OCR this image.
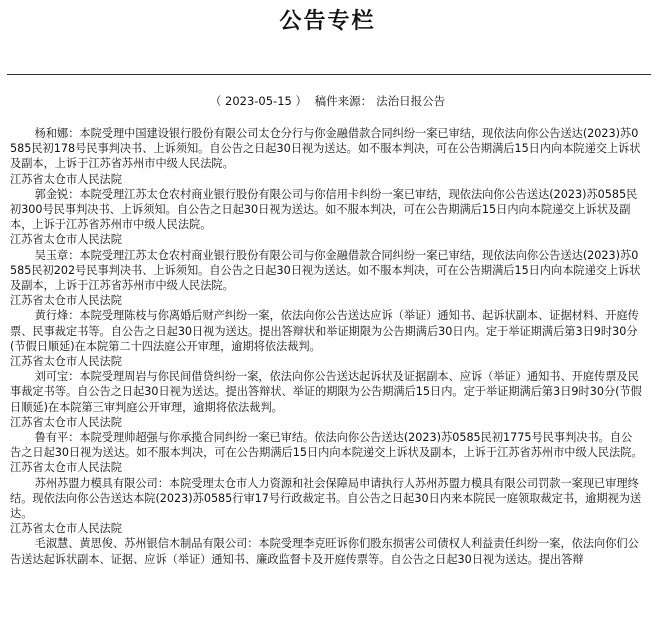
公告专栏
（ 2023-05-15 ） 稿件来源： 法治日报公告

杨和娜：本院受理中国建设银行股份有限公司太仓分行与你金融借款合同纠纷一案已审结，现依法向你公告送达(2023)苏0585民初178号民事判决书、上诉须知。自公告之日起30日视为送达。如不服本判决，可在公告期满后15日内向本院递交上诉状及副本，上诉于江苏省苏州市中级人民法院。

江苏省太仓市人民法院

郭金锐：本院受理江苏太仓农村商业银行股份有限公司与你信用卡纠纷一案已审结，现依法向你公告送达(2023)苏0585民初300号民事判决书、上诉须知。自公告之日起30日视为送达。如不服本判决，可在公告期满后15日内向本院递交上诉状及副本，上诉于江苏省苏州市中级人民法院。

江苏省太仓市人民法院

吴玉章：本院受理江苏太仓农村商业银行股份有限公司与你金融借款合同纠纷一案已审结，现依法向你公告送达(2023)苏0585民初202号民事判决书、上诉须知。自公告之日起30日视为送达。如不服本判决，可在公告期满后15日内向本院递交上诉状及副本，上诉于江苏省苏州市中级人民法院。

江苏省太仓市人民法院

黄行烽：本院受理陈枝与你离婚后财产纠纷一案，依法向你公告送达应诉（举证）通知书、起诉状副本、证据材料、开庭传票、民事裁定书等。自公告之日起30日视为送达。提出答辩状和举证期限为公告期满后30日内。定于举证期满后第3日9时30分(节假日顺延)在本院第二十四法庭公开审理，逾期将依法裁判。

江苏省太仓市人民法院

刘可宝：本院受理周岩与你民间借贷纠纷一案，依法向你公告送达起诉状及证据副本、应诉（举证）通知书、开庭传票及民事裁定书等。自公告之日起30日视为送达。提出答辩状、举证的期限为公告期满后15日内。定于举证期满后第3日9时30分(节假日顺延)在本院第三审判庭公开审理，逾期将依法裁判。

江苏省太仓市人民法院

鲁有平：本院受理帅超强与你承揽合同纠纷一案已审结。依法向你公告送达(2023)苏0585民初1775号民事判决书。自公告之日起30日视为送达。如不服本判决，可在公告期满后15日内向本院递交上诉状及副本，上诉于江苏省苏州市中级人民法院。

江苏省太仓市人民法院

苏州苏盟力模具有限公司：本院受理太仓市人力资源和社会保障局申请执行人苏州苏盟力模具有限公司罚款一案现已审理终结。现依法向你公告送达本院(2023)苏0585行审17号行政裁定书。自公告之日起30日内来本院民一庭领取裁定书，逾期视为送达。

江苏省太仓市人民法院

毛淑慧、黄思俊、苏州银信木制品有限公司：本院受理李克旺诉你们股东损害公司债权人利益责任纠纷一案，依法向你们公告送达起诉状副本、证据、应诉（举证）通知书、廉政监督卡及开庭传票等。自公告之日起30日视为送达。提出答辩
